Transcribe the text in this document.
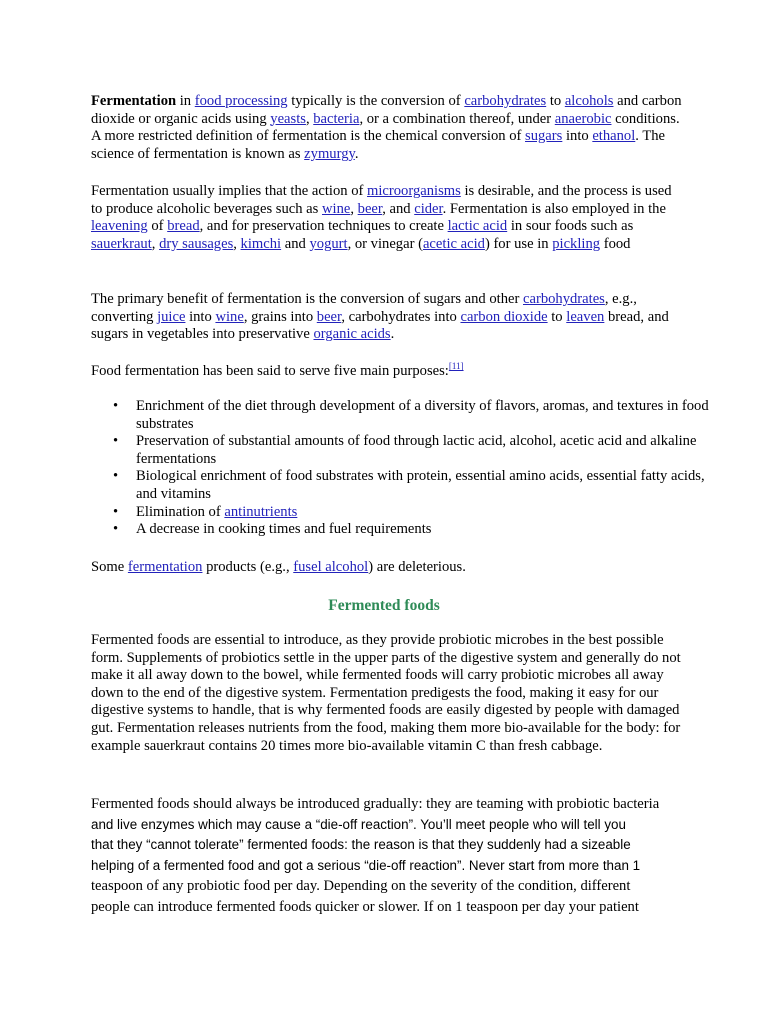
Fermentation in food processing typically is the conversion of carbohydrates to alcohols and carbon dioxide or organic acids using yeasts, bacteria, or a combination thereof, under anaerobic conditions. A more restricted definition of fermentation is the chemical conversion of sugars into ethanol. The science of fermentation is known as zymurgy.

Fermentation usually implies that the action of microorganisms is desirable, and the process is used to produce alcoholic beverages such as wine, beer, and cider. Fermentation is also employed in the leavening of bread, and for preservation techniques to create lactic acid in sour foods such as sauerkraut, dry sausages, kimchi and yogurt, or vinegar (acetic acid) for use in pickling food

The primary benefit of fermentation is the conversion of sugars and other carbohydrates, e.g., converting juice into wine, grains into beer, carbohydrates into carbon dioxide to leaven bread, and sugars in vegetables into preservative organic acids.

Food fermentation has been said to serve five main purposes:[11]

• Enrichment of the diet through development of a diversity of flavors, aromas, and textures in food substrates
• Preservation of substantial amounts of food through lactic acid, alcohol, acetic acid and alkaline fermentations
• Biological enrichment of food substrates with protein, essential amino acids, essential fatty acids, and vitamins
• Elimination of antinutrients
• A decrease in cooking times and fuel requirements

Some fermentation products (e.g., fusel alcohol) are deleterious.

Fermented foods

Fermented foods are essential to introduce, as they provide probiotic microbes in the best possible form. Supplements of probiotics settle in the upper parts of the digestive system and generally do not make it all away down to the bowel, while fermented foods will carry probiotic microbes all away down to the end of the digestive system. Fermentation predigests the food, making it easy for our digestive systems to handle, that is why fermented foods are easily digested by people with damaged gut. Fermentation releases nutrients from the food, making them more bio-available for the body: for example sauerkraut contains 20 times more bio-available vitamin C than fresh cabbage.

Fermented foods should always be introduced gradually: they are teaming with probiotic bacteria
and live enzymes which may cause a “die-off reaction”. You’ll meet people who will tell you
that they “cannot tolerate” fermented foods: the reason is that they suddenly had a sizeable
helping of a fermented food and got a serious “die-off reaction”. Never start from more than 1
teaspoon of any probiotic food per day. Depending on the severity of the condition, different
people can introduce fermented foods quicker or slower. If on 1 teaspoon per day your patient
